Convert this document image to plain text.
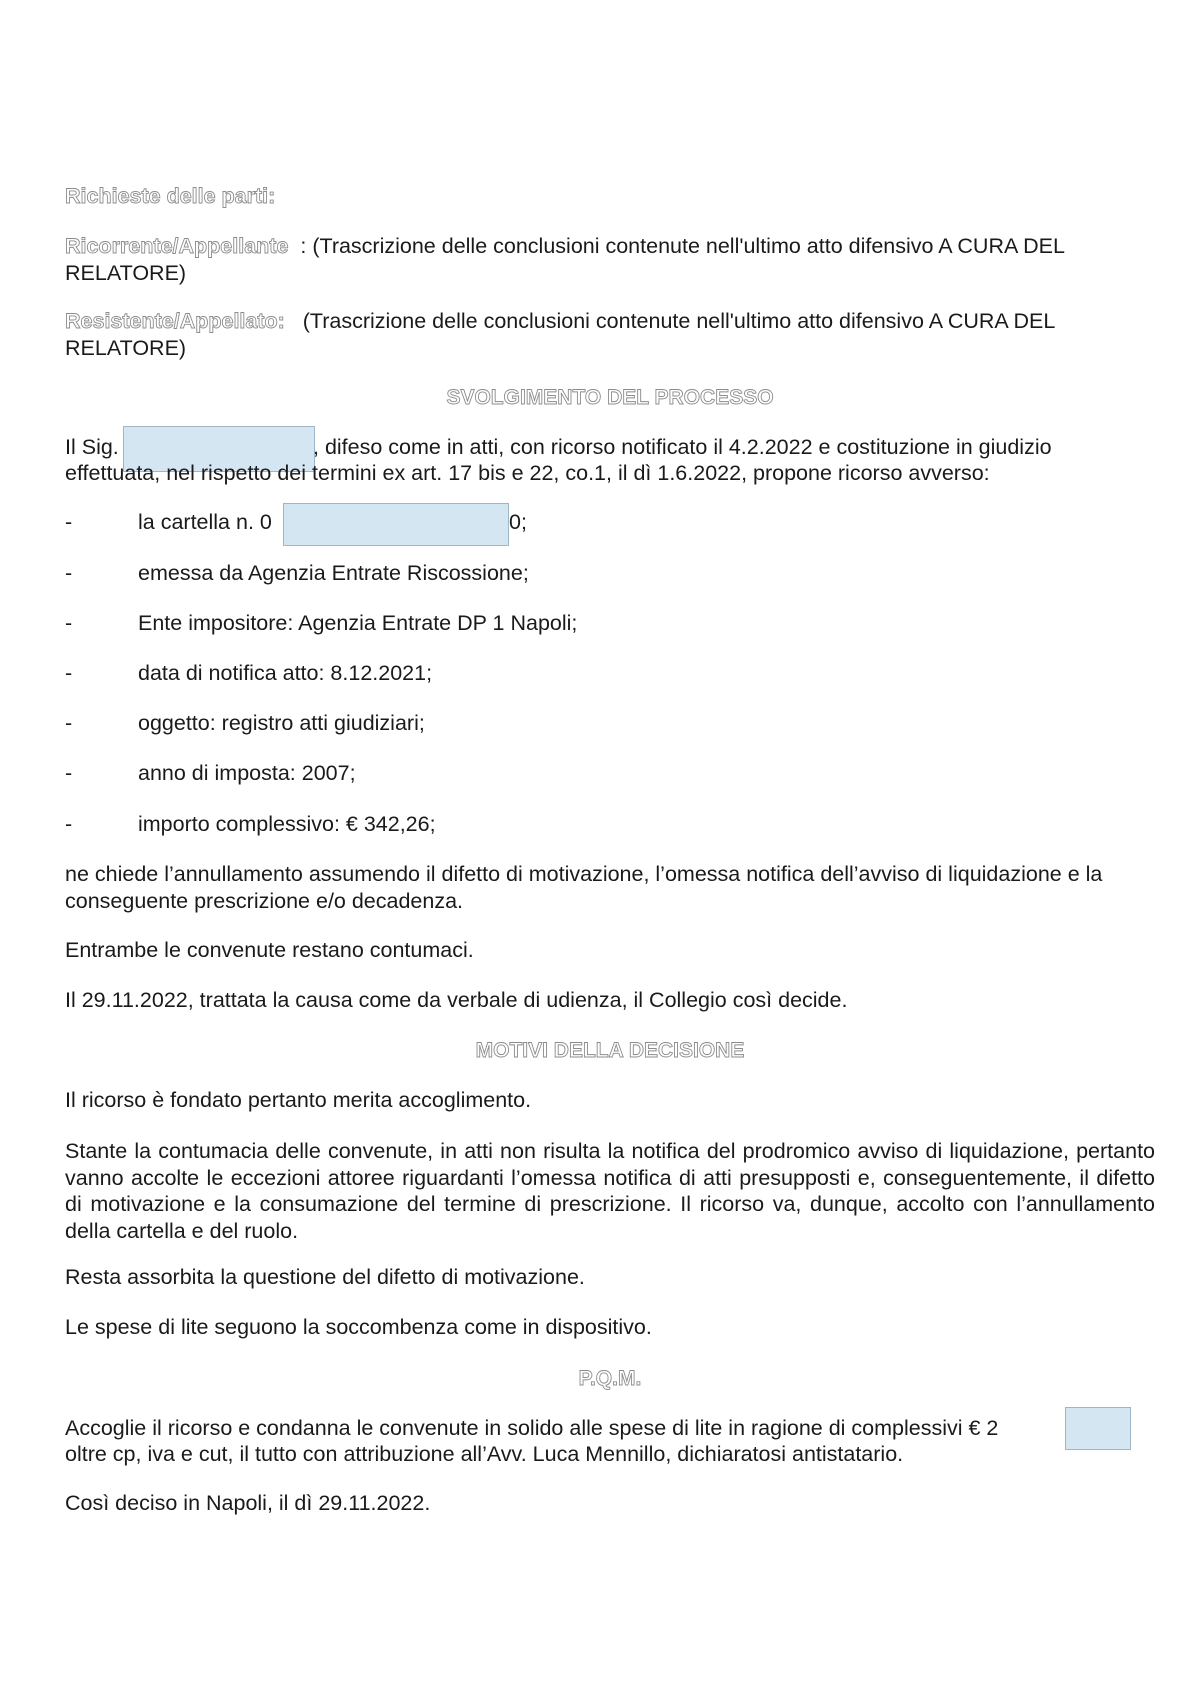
Richieste delle parti:

Ricorrente/Appellante : (Trascrizione delle conclusioni contenute nell'ultimo atto difensivo A CURA DEL RELATORE)

Resistente/Appellato: (Trascrizione delle conclusioni contenute nell'ultimo atto difensivo A CURA DEL RELATORE)

SVOLGIMENTO DEL PROCESSO

Il Sig.	, difeso come in atti, con ricorso notificato il 4.2.2022 e costituzione in giudizio
effettuata, nel rispetto dei termini ex art. 17 bis e 22, co.1, il dì 1.6.2022, propone ricorso avverso:
-	la cartella n. 0	0;
-	emessa da Agenzia Entrate Riscossione;
-	Ente impositore: Agenzia Entrate DP 1 Napoli;
-	data di notifica atto: 8.12.2021;
-	oggetto: registro atti giudiziari;
-	anno di imposta: 2007;
-	importo complessivo: € 342,26;

ne chiede l’annullamento assumendo il difetto di motivazione, l’omessa notifica dell’avviso di liquidazione e la conseguente prescrizione e/o decadenza.

Entrambe le convenute restano contumaci.

Il 29.11.2022, trattata la causa come da verbale di udienza, il Collegio così decide.

MOTIVI DELLA DECISIONE

Il ricorso è fondato pertanto merita accoglimento.

Stante la contumacia delle convenute, in atti non risulta la notifica del prodromico avviso di liquidazione, pertanto vanno accolte le eccezioni attoree riguardanti l’omessa notifica di atti presupposti e, conseguentemente, il difetto di motivazione e la consumazione del termine di prescrizione. Il ricorso va, dunque, accolto con l’annullamento della cartella e del ruolo.

Resta assorbita la questione del difetto di motivazione.

Le spese di lite seguono la soccombenza come in dispositivo.

P.Q.M.

Accoglie il ricorso e condanna le convenute in solido alle spese di lite in ragione di complessivi € 2
oltre cp, iva e cut, il tutto con attribuzione all’Avv. Luca Mennillo, dichiaratosi antistatario.

Così deciso in Napoli, il dì 29.11.2022.
